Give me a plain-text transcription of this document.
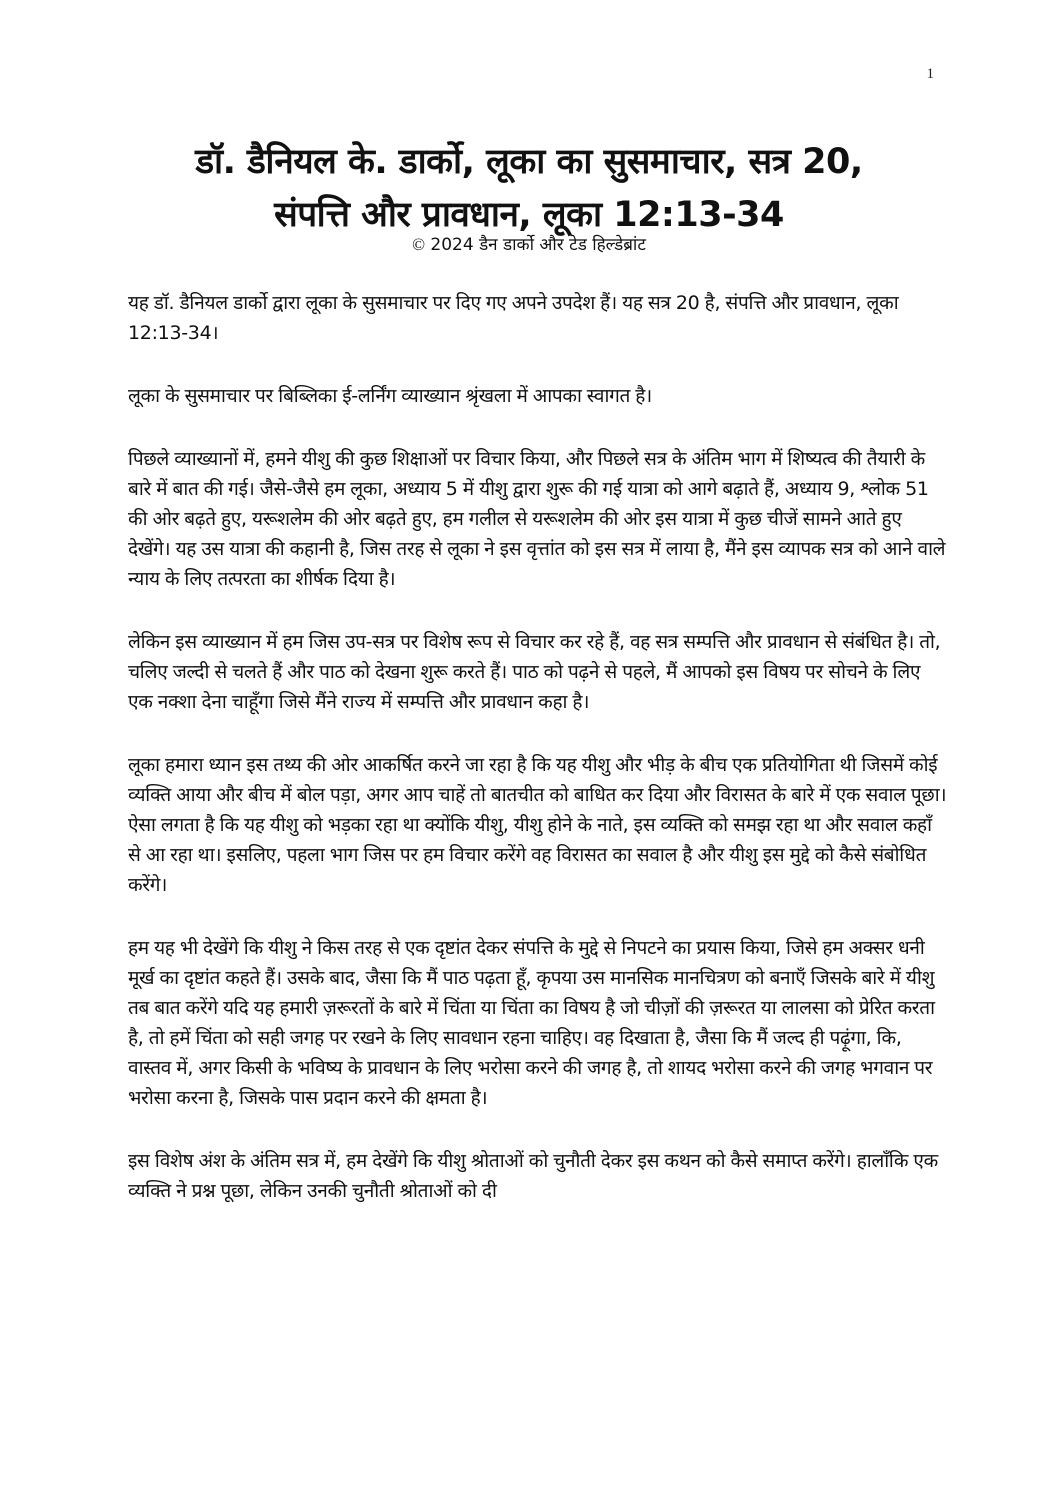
1
डॉ. डैनियल के. डार्को, लूका का सुसमाचार, सत्र 20,
संपत्ति और प्रावधान, लूका 12:13-34
© 2024 डैन डार्को और टेड हिल्डेब्रांट

यह डॉ. डैनियल डार्को द्वारा लूका के सुसमाचार पर दिए गए अपने उपदेश हैं। यह सत्र 20 है, संपत्ति और प्रावधान, लूका 12:13-34।

लूका के सुसमाचार पर बिब्लिका ई-लर्निंग व्याख्यान श्रृंखला में आपका स्वागत है।

पिछले व्याख्यानों में, हमने यीशु की कुछ शिक्षाओं पर विचार किया, और पिछले सत्र के अंतिम भाग में शिष्यत्व की तैयारी के बारे में बात की गई। जैसे-जैसे हम लूका, अध्याय 5 में यीशु द्वारा शुरू की गई यात्रा को आगे बढ़ाते हैं, अध्याय 9, श्लोक 51 की ओर बढ़ते हुए, यरूशलेम की ओर बढ़ते हुए, हम गलील से यरूशलेम की ओर इस यात्रा में कुछ चीजें सामने आते हुए देखेंगे। यह उस यात्रा की कहानी है, जिस तरह से लूका ने इस वृत्तांत को इस सत्र में लाया है, मैंने इस व्यापक सत्र को आने वाले न्याय के लिए तत्परता का शीर्षक दिया है।

लेकिन इस व्याख्यान में हम जिस उप-सत्र पर विशेष रूप से विचार कर रहे हैं, वह सत्र सम्पत्ति और प्रावधान से संबंधित है। तो, चलिए जल्दी से चलते हैं और पाठ को देखना शुरू करते हैं। पाठ को पढ़ने से पहले, मैं आपको इस विषय पर सोचने के लिए एक नक्शा देना चाहूँगा जिसे मैंने राज्य में सम्पत्ति और प्रावधान कहा है।

लूका हमारा ध्यान इस तथ्य की ओर आकर्षित करने जा रहा है कि यह यीशु और भीड़ के बीच एक प्रतियोगिता थी जिसमें कोई व्यक्ति आया और बीच में बोल पड़ा, अगर आप चाहें तो बातचीत को बाधित कर दिया और विरासत के बारे में एक सवाल पूछा। ऐसा लगता है कि यह यीशु को भड़का रहा था क्योंकि यीशु, यीशु होने के नाते, इस व्यक्ति को समझ रहा था और सवाल कहाँ से आ रहा था। इसलिए, पहला भाग जिस पर हम विचार करेंगे वह विरासत का सवाल है और यीशु इस मुद्दे को कैसे संबोधित करेंगे।

हम यह भी देखेंगे कि यीशु ने किस तरह से एक दृष्टांत देकर संपत्ति के मुद्दे से निपटने का प्रयास किया, जिसे हम अक्सर धनी मूर्ख का दृष्टांत कहते हैं। उसके बाद, जैसा कि मैं पाठ पढ़ता हूँ, कृपया उस मानसिक मानचित्रण को बनाएँ जिसके बारे में यीशु तब बात करेंगे यदि यह हमारी ज़रूरतों के बारे में चिंता या चिंता का विषय है जो चीज़ों की ज़रूरत या लालसा को प्रेरित करता है, तो हमें चिंता को सही जगह पर रखने के लिए सावधान रहना चाहिए। वह दिखाता है, जैसा कि मैं जल्द ही पढ़ूंगा, कि, वास्तव में, अगर किसी के भविष्य के प्रावधान के लिए भरोसा करने की जगह है, तो शायद भरोसा करने की जगह भगवान पर भरोसा करना है, जिसके पास प्रदान करने की क्षमता है।

इस विशेष अंश के अंतिम सत्र में, हम देखेंगे कि यीशु श्रोताओं को चुनौती देकर इस कथन को कैसे समाप्त करेंगे। हालाँकि एक व्यक्ति ने प्रश्न पूछा, लेकिन उनकी चुनौती श्रोताओं को दी
